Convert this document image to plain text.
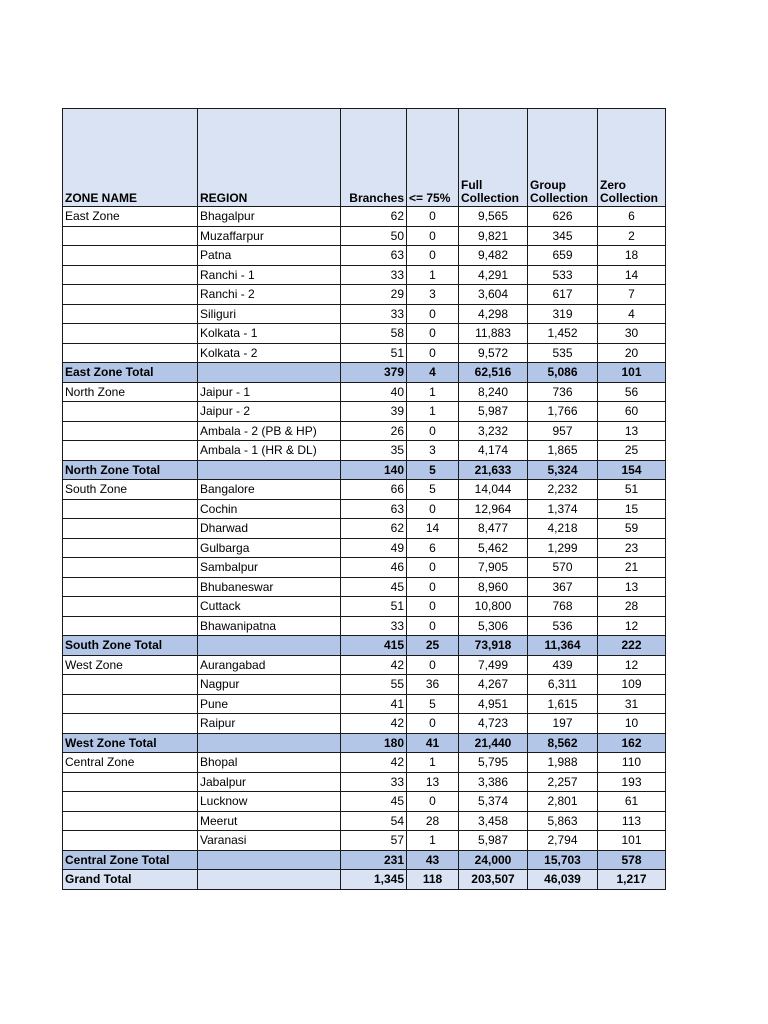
ZONE NAME	REGION	Branches	<= 75%	Full Collection	Group Collection	Zero Collection

East Zone	Bhagalpur	62	0	9,565	626	6
	Muzaffarpur	50	0	9,821	345	2
	Patna	63	0	9,482	659	18
	Ranchi - 1	33	1	4,291	533	14
	Ranchi - 2	29	3	3,604	617	7
	Siliguri	33	0	4,298	319	4
	Kolkata - 1	58	0	11,883	1,452	30
	Kolkata - 2	51	0	9,572	535	20
East Zone Total		379	4	62,516	5,086	101
North Zone	Jaipur - 1	40	1	8,240	736	56
	Jaipur - 2	39	1	5,987	1,766	60
	Ambala - 2 (PB & HP)	26	0	3,232	957	13
	Ambala - 1 (HR & DL)	35	3	4,174	1,865	25
North Zone Total		140	5	21,633	5,324	154
South Zone	Bangalore	66	5	14,044	2,232	51
	Cochin	63	0	12,964	1,374	15
	Dharwad	62	14	8,477	4,218	59
	Gulbarga	49	6	5,462	1,299	23
	Sambalpur	46	0	7,905	570	21
	Bhubaneswar	45	0	8,960	367	13
	Cuttack	51	0	10,800	768	28
	Bhawanipatna	33	0	5,306	536	12
South Zone Total		415	25	73,918	11,364	222
West Zone	Aurangabad	42	0	7,499	439	12
	Nagpur	55	36	4,267	6,311	109
	Pune	41	5	4,951	1,615	31
	Raipur	42	0	4,723	197	10
West Zone Total		180	41	21,440	8,562	162
Central Zone	Bhopal	42	1	5,795	1,988	110
	Jabalpur	33	13	3,386	2,257	193
	Lucknow	45	0	5,374	2,801	61
	Meerut	54	28	3,458	5,863	113
	Varanasi	57	1	5,987	2,794	101
Central Zone Total		231	43	24,000	15,703	578
Grand Total		1,345	118	203,507	46,039	1,217
